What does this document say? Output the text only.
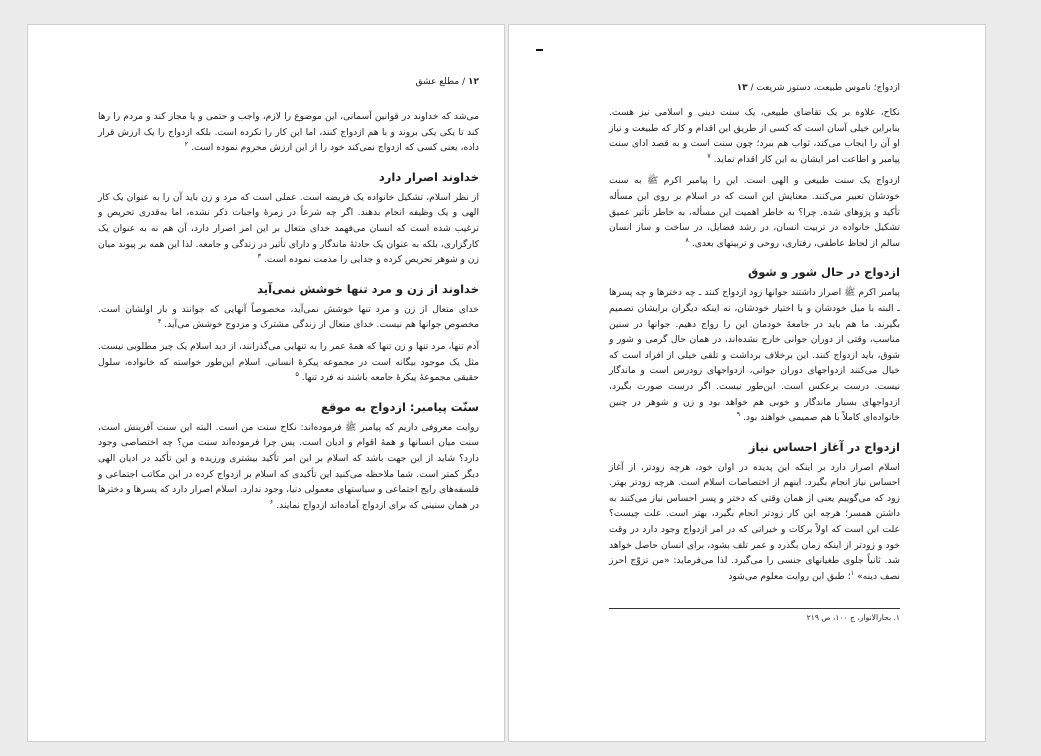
۱۲ / مطلع عشق

می‌شد که خداوند در قوانین آسمانی، این موضوع را لازم، واجب و حتمی و یا مجاز کند و مردم را رها کند تا یکی یکی بروند و با هم ازدواج کنند، اما این کار را نکرده است. بلکه ازدواج را یک ارزش قرار داده، یعنی کسی که ازدواج نمی‌کند خود را از این ارزش محروم نموده است. $^۲$

خداوند اصرار دارد

از نظر اسلام، تشکیل خانواده یک فریضه است. عملی است که مرد و زن باید آن را به عنوان یک کار الهی و یک وظیفه انجام بدهند. اگر چه شرعاً در زمرهٔ واجبات ذکر نشده، اما به‌قدری تحریص و ترغیب شده است که انسان می‌فهمد خدای متعال بر این امر اصرار دارد، آن هم نه به عنوان یک کارگزاری، بلکه به عنوان یک حادثهٔ ماندگار و دارای تأثیر در زندگی و جامعه. لذا این همه بر پیوند میان زن و شوهر تحریص کرده و جدایی را مذمت نموده است. $^۳$

خداوند از زن و مرد تنها خوشش نمی‌آید

خدای متعال از زن و مرد تنها خوشش نمی‌آید، مخصوصاً آنهایی که جوانند و بار اولشان است. مخصوص جوانها هم نیست. خدای متعال از زندگی مشترک و مزدوج خوشش می‌آید. $^۴$

آدم تنها، مرد تنها و زن تنها که همهٔ عمر را به تنهایی می‌گذرانند، از دید اسلام یک چیز مطلوبی نیست. مثل یک موجود بیگانه است در مجموعه پیکرهٔ انسانی. اسلام این‌طور خواسته که خانواده، سلول حقیقی مجموعهٔ پیکرهٔ جامعه باشند نه فرد تنها. $^۵$

سنّت پیامبر: ازدواج به موقع

روایت معروفی داریم که پیامبر ﷺ فرموده‌اند: نکاح سنت من است. البته این سنت آفرینش است، سنت میان انسانها و همهٔ اقوام و ادیان است. پس چرا فرموده‌اند سنت من؟ چه اختصاصی وجود دارد؟ شاید از این جهت باشد که اسلام بر این امر تأکید بیشتری ورزیده و این تأکید در ادیان الهی دیگر کمتر است. شما ملاحظه می‌کنید این تأکیدی که اسلام بر ازدواج کرده در این مکاتب اجتماعی و فلسفه‌های رایج اجتماعی و سیاستهای معمولی دنیا، وجود ندارد. اسلام اصرار دارد که پسرها و دخترها در همان سنینی که برای ازدواج آماده‌اند ازدواج نمایند. $^۶$

ازدواج؛ ناموس طبیعت، دستور شریعت / ۱۳

نکاح، علاوه بر یک تقاضای طبیعی، یک سنت دینی و اسلامی نیز هست. بنابراین خیلی آسان است که کسی از طریق این اقدام و کار که طبیعت و نیاز او آن را ایجاب می‌کند، ثواب هم ببرد؛ چون سنت است و به قصد ادای سنت پیامبر و اطاعت امر ایشان به این کار اقدام نماید. $^۷$

ازدواج یک سنت طبیعی و الهی است. این را پیامبر اکرم ﷺ به سنت خودشان تعبیر می‌کنند. معنایش این است که در اسلام بر روی این مسأله تأکید و پژوهای شده. چرا؟ به خاطر اهمیت این مسأله، به خاطر تأثیر عمیق تشکیل خانواده در تربیت انسان، در رشد فضایل، در ساخت و ساز انسان سالم از لحاظ عاطفی، رفتاری، روحی و تربیتهای بعدی. $^۸$

ازدواج در حال شور و شوق

پیامبر اکرم ﷺ اصرار داشتند جوانها زود ازدواج کنند ـ چه دخترها و چه پسرها ـ البته با میل خودشان و با اختیار خودشان، نه اینکه دیگران برایشان تصمیم بگیرند. ما هم باید در جامعهٔ خودمان این را رواج دهیم. جوانها در سنین مناسب، وقتی از دوران جوانی خارج نشده‌اند، در همان حال گرمی و شور و شوق، باید ازدواج کنند. این برخلاف برداشت و تلقی خیلی از افراد است که خیال می‌کنند ازدواجهای دوران جوانی، ازدواجهای زودرس است و ماندگار نیست. درست برعکس است. این‌طور نیست. اگر درست صورت بگیرد، ازدواجهای بسیار ماندگار و خوبی هم خواهد بود و زن و شوهر در چنین خانواده‌ای کاملاً با هم صمیمی خواهند بود. $^۹$

ازدواج در آغاز احساس نیاز

اسلام اصرار دارد بر اینکه این پدیده در اوان خود، هرچه زودتر، از آغاز احساس نیاز انجام بگیرد. اینهم از اختصاصات اسلام است. هرچه زودتر بهتر. زود که می‌گوییم یعنی از همان وقتی که دختر و پسر احساس نیاز می‌کنند به داشتن همسر؛ هرچه این کار زودتر انجام بگیرد، بهتر است. علت چیست؟ علت این است که اولاً برکات و خیراتی که در امر ازدواج وجود دارد در وقت خود و زودتر از اینکه زمان بگذرد و عمر تلف بشود، برای انسان حاصل خواهد شد. ثانیاً جلوی طغیانهای جنسی را می‌گیرد. لذا می‌فرماید: «من تزوّج احرز نصف دینه» $^۱$؛ طبق این روایت معلوم می‌شود

۱. بحارالانوار، ج ۱۰۰، ص ۲۱۹
